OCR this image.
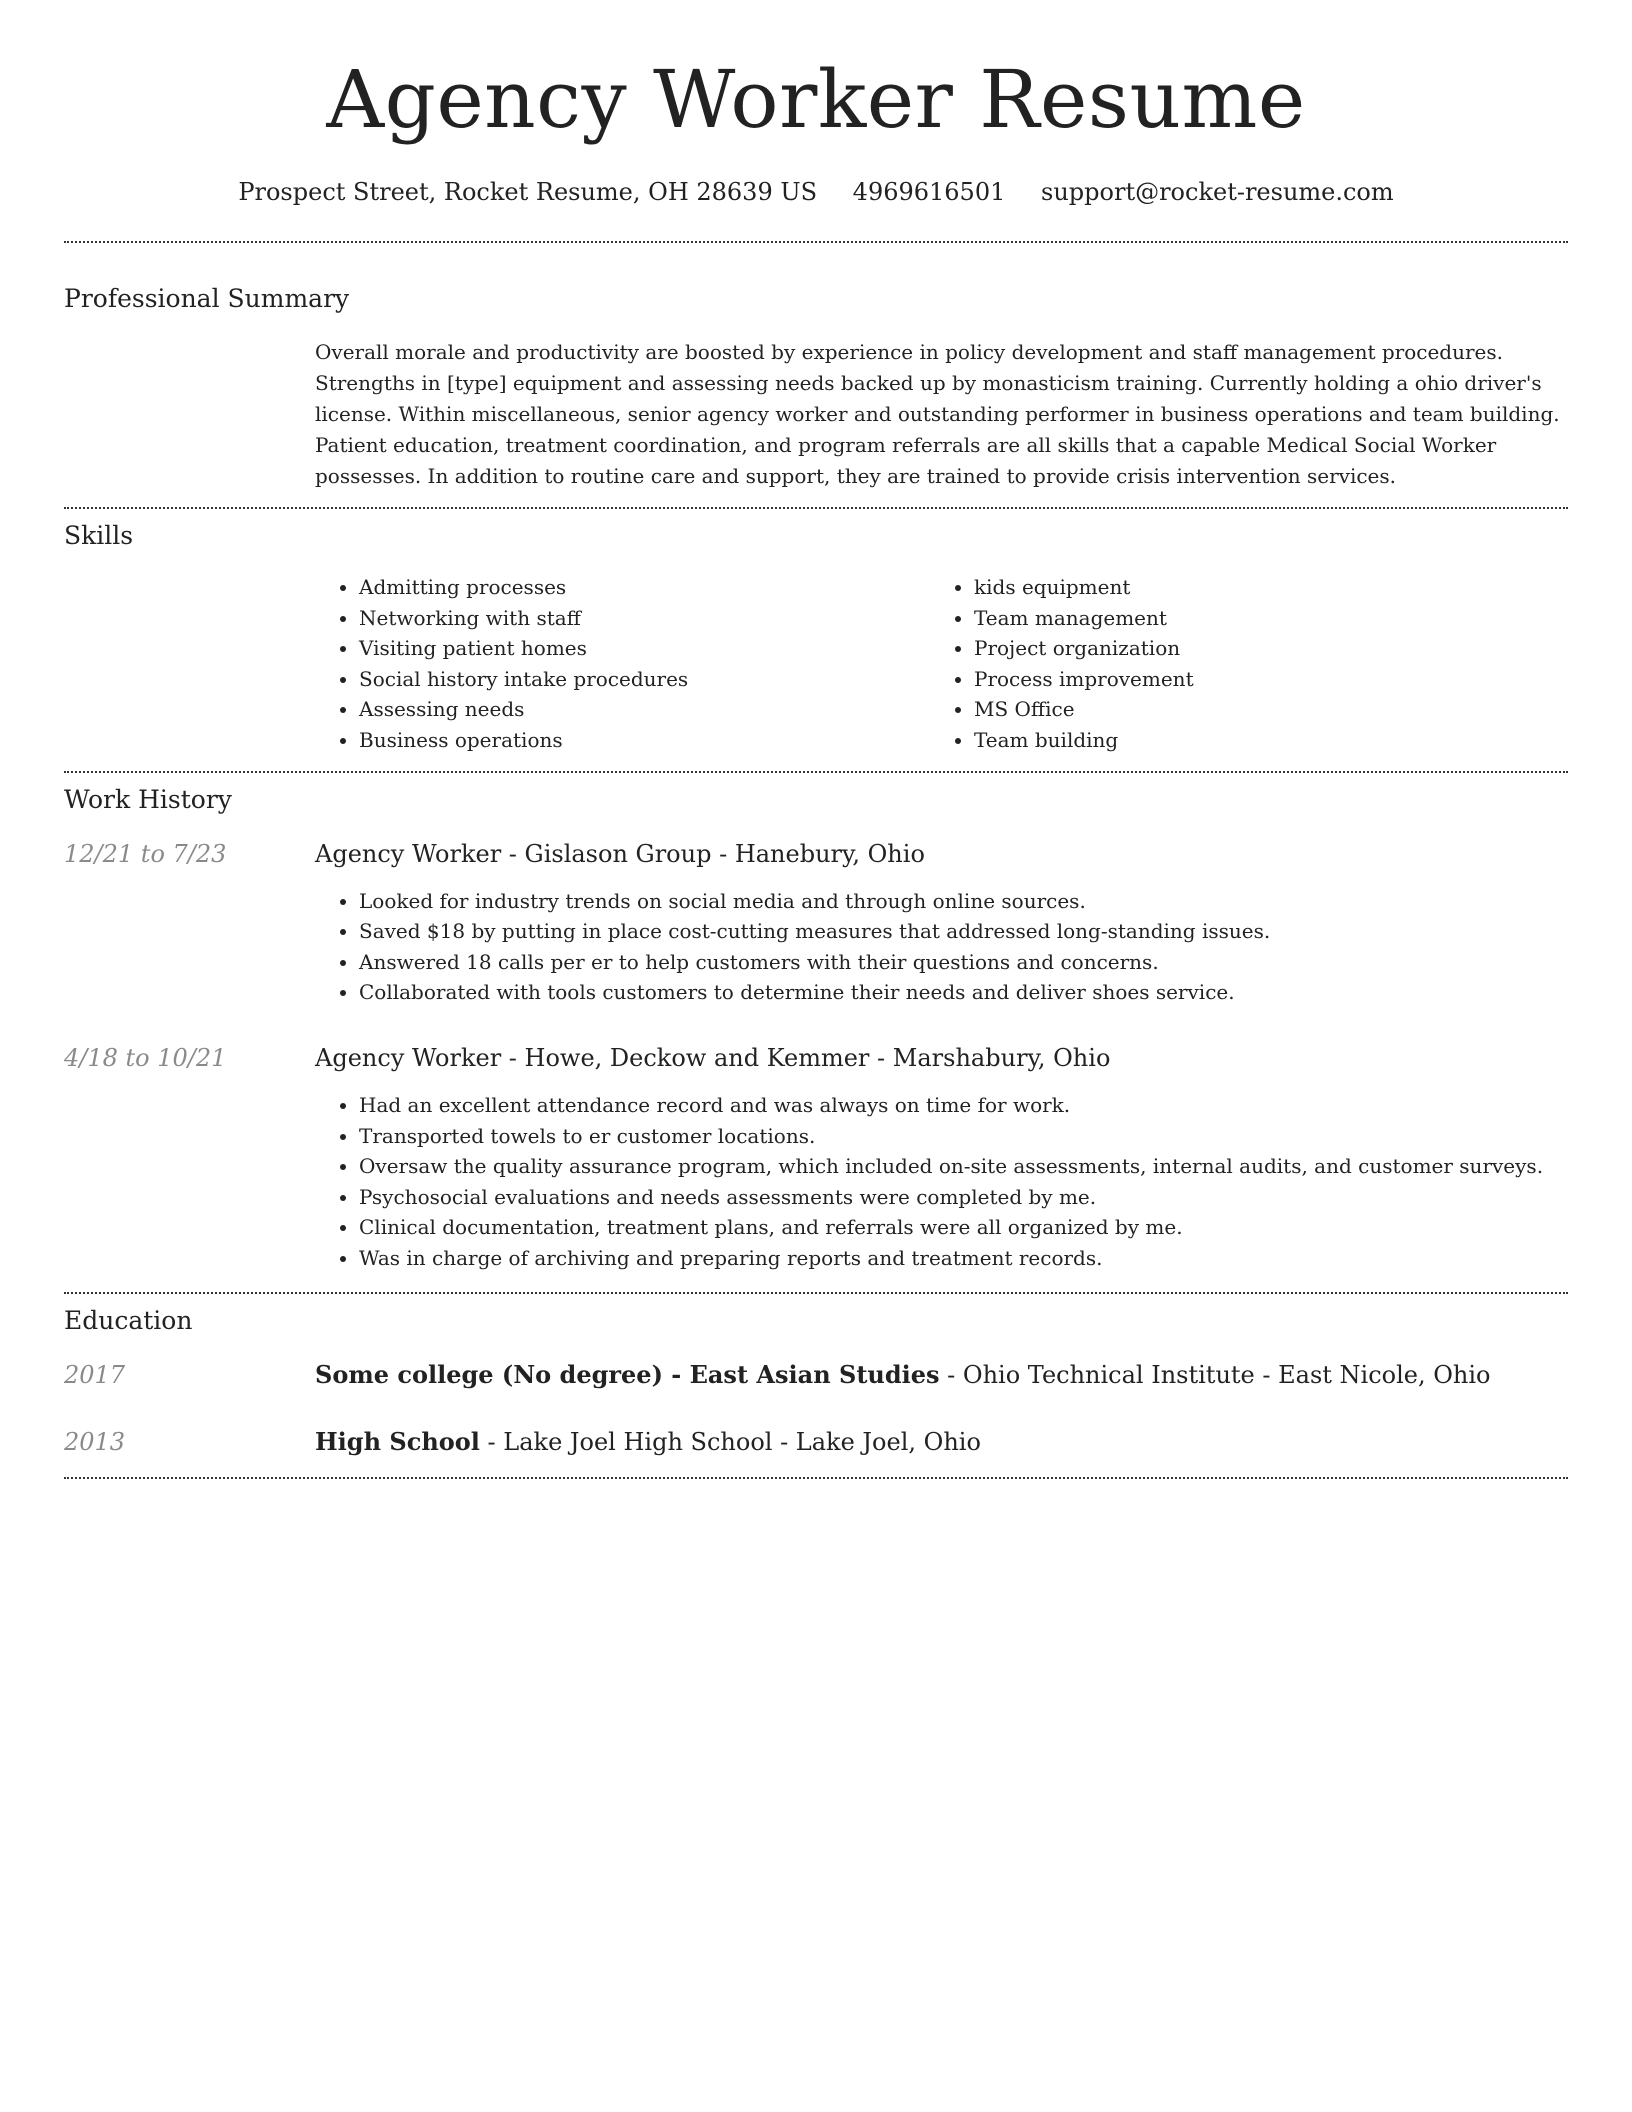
Agency Worker Resume
Prospect Street, Rocket Resume, OH 28639 US 4969616501 support@rocket-resume.com
Professional Summary

Overall morale and productivity are boosted by experience in policy development and staff management procedures. Strengths in [type] equipment and assessing needs backed up by monasticism training. Currently holding a ohio driver's license. Within miscellaneous, senior agency worker and outstanding performer in business operations and team building. Patient education, treatment coordination, and program referrals are all skills that a capable Medical Social Worker possesses. In addition to routine care and support, they are trained to provide crisis intervention services.

Skills
• Admitting processes
• Networking with staff
• Visiting patient homes
• Social history intake procedures
• Assessing needs
• Business operations
• kids equipment
• Team management
• Project organization
• Process improvement
• MS Office
• Team building
Work History
12/21 to 7/23	Agency Worker - Gislason Group - Hanebury, Ohio
• Looked for industry trends on social media and through online sources.
• Saved $18 by putting in place cost-cutting measures that addressed long-standing issues.
• Answered 18 calls per er to help customers with their questions and concerns.
• Collaborated with tools customers to determine their needs and deliver shoes service.
4/18 to 10/21	Agency Worker - Howe, Deckow and Kemmer - Marshabury, Ohio
• Had an excellent attendance record and was always on time for work.
• Transported towels to er customer locations.
• Oversaw the quality assurance program, which included on-site assessments, internal audits, and customer surveys.
• Psychosocial evaluations and needs assessments were completed by me.
• Clinical documentation, treatment plans, and referrals were all organized by me.
• Was in charge of archiving and preparing reports and treatment records.
Education
2017	Some college (No degree) - East Asian Studies - Ohio Technical Institute - East Nicole, Ohio
2013	High School - Lake Joel High School - Lake Joel, Ohio
